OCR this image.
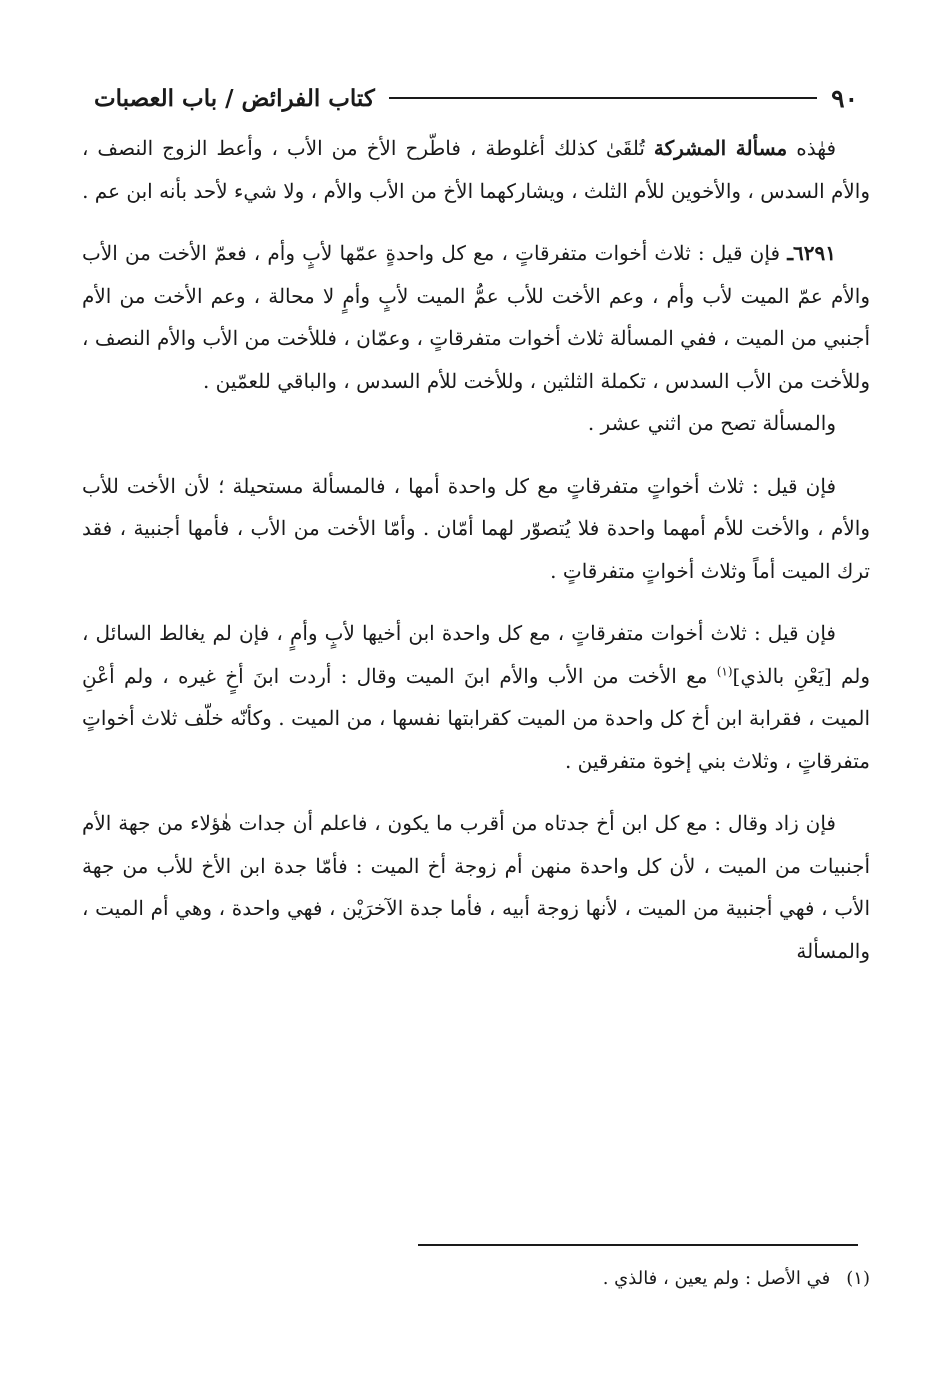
٩٠
كتاب الفرائض / باب العصبات

فهٰذه مسألة المشركة تُلقَىٰ كذلك أغلوطة ، فاطّرح الأخ من الأب ، وأعط الزوج النصف ، والأم السدس ، والأخوين للأم الثلث ، ويشاركهما الأخ من الأب والأم ، ولا شيء لأحد بأنه ابن عم .

٦٢٩١ـ فإن قيل : ثلاث أخوات متفرقاتٍ ، مع كل واحدةٍ عمّها لأبٍ وأم ، فعمّ الأخت من الأب والأم عمّ الميت لأب وأم ، وعم الأخت للأب عمُّ الميت لأبٍ وأمٍ لا محالة ، وعم الأخت من الأم أجنبي من الميت ، ففي المسألة ثلاث أخوات متفرقاتٍ ، وعمّان ، فللأخت من الأب والأم النصف ، وللأخت من الأب السدس ، تكملة الثلثين ، وللأخت للأم السدس ، والباقي للعمّين .

والمسألة تصح من اثني عشر .

فإن قيل : ثلاث أخواتٍ متفرقاتٍ مع كل واحدة أمها ، فالمسألة مستحيلة ؛ لأن الأخت للأب والأم ، والأخت للأم أمهما واحدة فلا يُتصوّر لهما أمّان . وأمّا الأخت من الأب ، فأمها أجنبية ، فقد ترك الميت أماً وثلاث أخواتٍ متفرقاتٍ .

فإن قيل : ثلاث أخوات متفرقاتٍ ، مع كل واحدة ابن أخيها لأبٍ وأمٍ ، فإن لم يغالط السائل ، ولم [يَعْنِ بالذي]$^{(١)}$ مع الأخت من الأب والأم ابنَ الميت وقال : أردت ابنَ أخٍ غيره ، ولم أعْنِ الميت ، فقرابة ابن أخ كل واحدة من الميت كقرابتها نفسها ، من الميت . وكأنّه خلّف ثلاث أخواتٍ متفرقاتٍ ، وثلاث بني إخوة متفرقين .

فإن زاد وقال : مع كل ابن أخ جدتاه من أقرب ما يكون ، فاعلم أن جدات هٰؤلاء من جهة الأم أجنبيات من الميت ، لأن كل واحدة منهن أم زوجة أخ الميت : فأمّا جدة ابن الأخ للأب من جهة الأب ، فهي أجنبية من الميت ، لأنها زوجة أبيه ، فأما جدة الآخرَيْن ، فهي واحدة ، وهي أم الميت ، والمسألة

(١)
في الأصل : ولم يعين ، فالذي .
